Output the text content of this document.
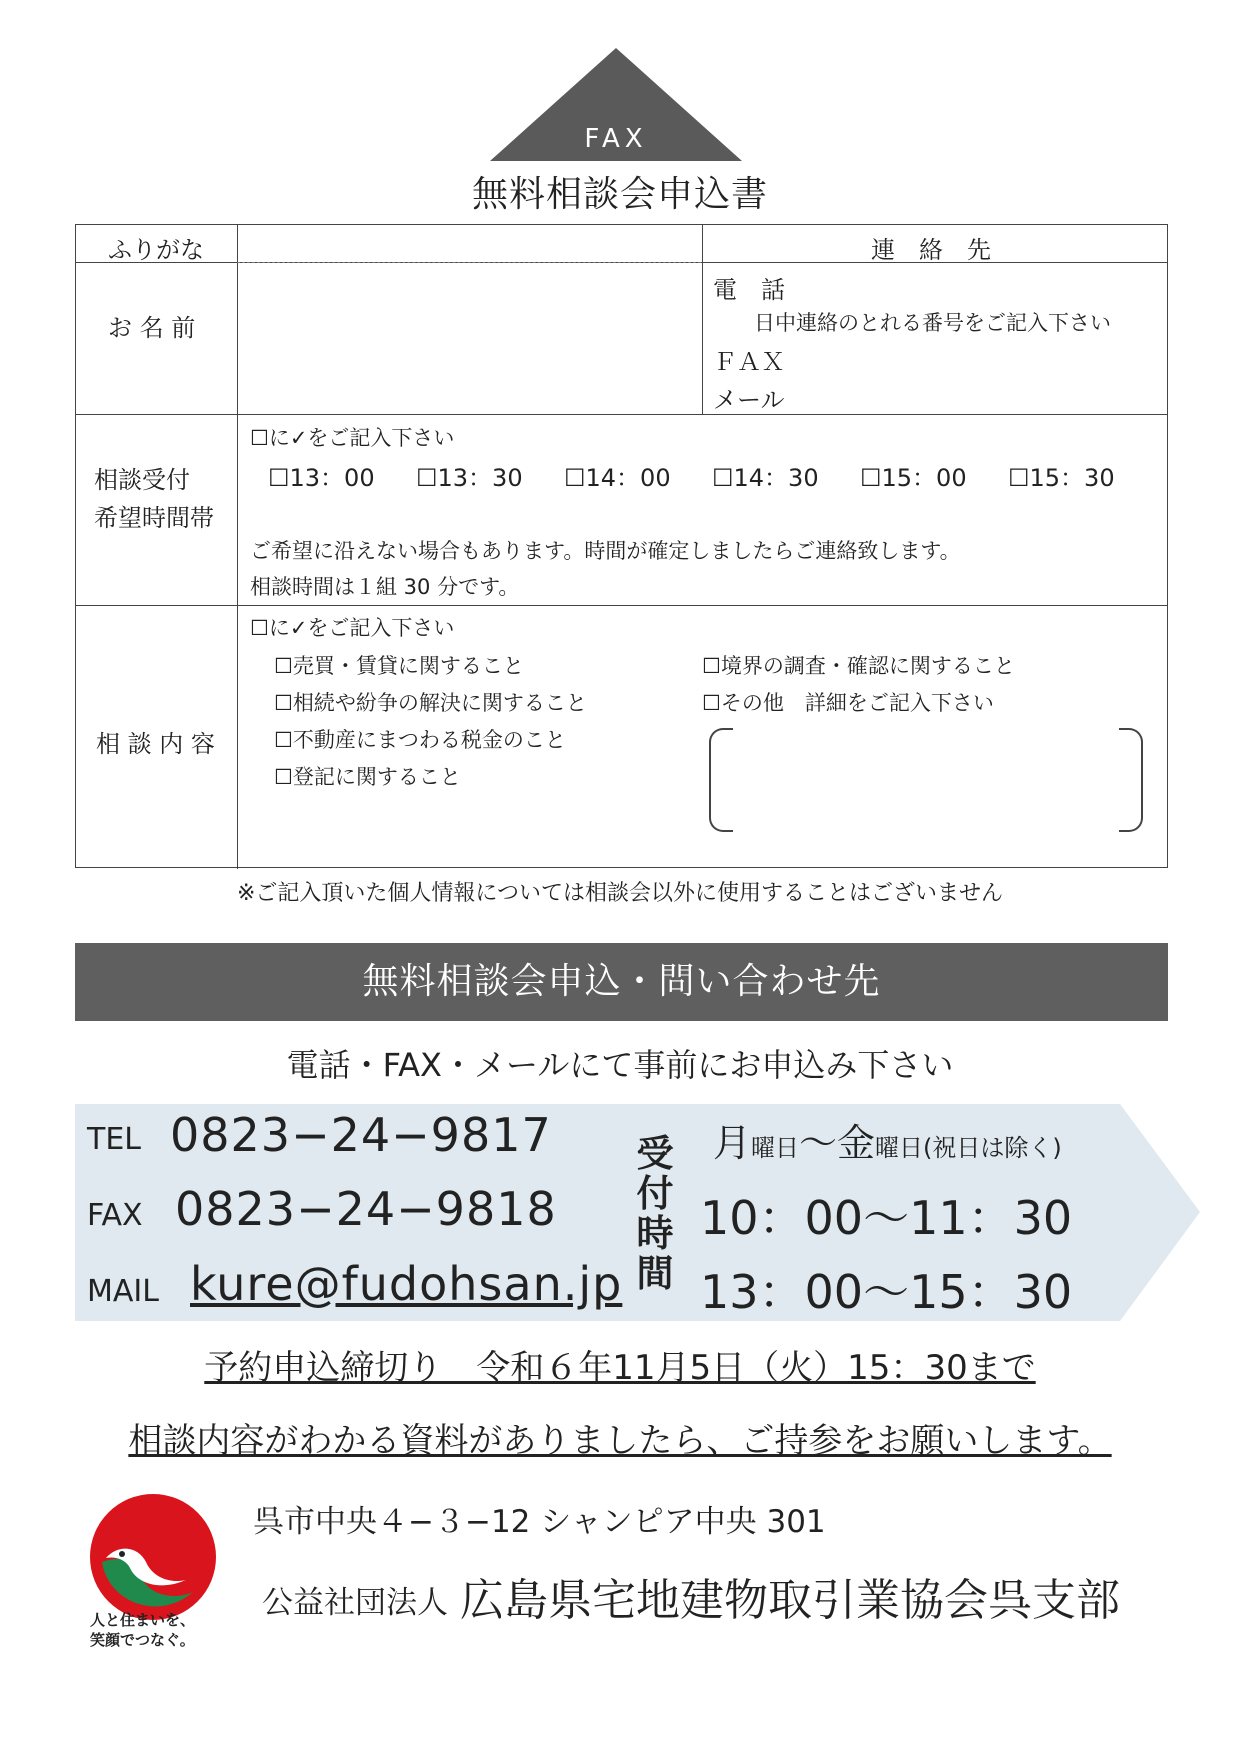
FAX
無料相談会申込書
ふりがな
お 名 前
連　絡　先
電　話
日中連絡のとれる番号をご記入下さい
ＦＡＸ
メール
相談受付
希望時間帯
☐に✓をご記入下さい
☐13：00 ☐13：30 ☐14：00 ☐14：30 ☐15：00 ☐15：30
ご希望に沿えない場合もあります。時間が確定しましたらご連絡致します。
相談時間は１組 30 分です。
相 談 内 容
☐に✓をご記入下さい
☐売買・賃貸に関すること
☐相続や紛争の解決に関すること
☐不動産にまつわる税金のこと
☐登記に関すること
☐境界の調査・確認に関すること
☐その他　詳細をご記入下さい
※ご記入頂いた個人情報については相談会以外に使用することはございません
無料相談会申込・問い合わせ先
電話・FAX・メールにて事前にお申込み下さい
TEL 0823−24−9817
FAX 0823−24−9818
MAIL kure@fudohsan.jp
受付時間
月曜日〜金曜日(祝日は除く)
10：00〜11：30
13：00〜15：30
予約申込締切り　令和６年11月5日（火）15：30まで
相談内容がわかる資料がありましたら、ご持参をお願いします。
人と住まいを、
笑顔でつなぐ。
呉市中央４−３−12 シャンピア中央 301
公益社団法人 広島県宅地建物取引業協会呉支部
